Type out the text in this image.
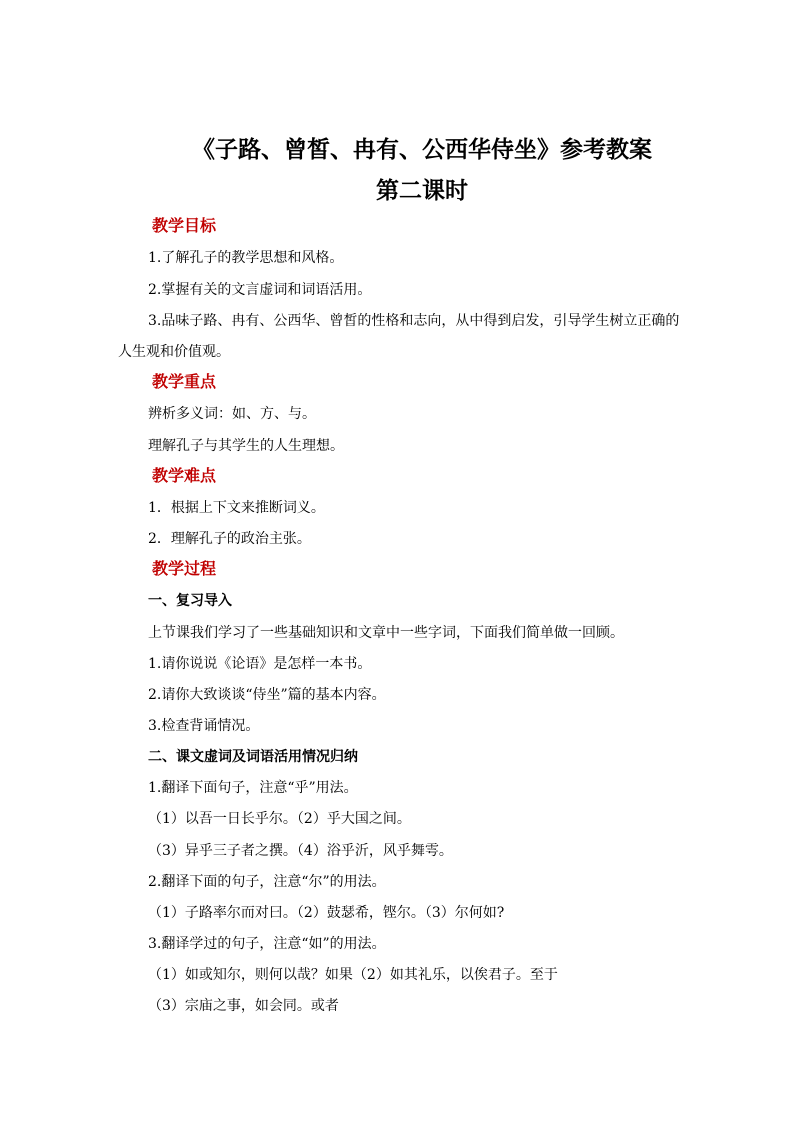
《子路、曾皙、冉有、公西华侍坐》参考教案
第二课时
教学目标
1.了解孔子的教学思想和风格。
2.掌握有关的文言虚词和词语活用。
3.品味子路、冉有、公西华、曾皙的性格和志向，从中得到启发，引导学生树立正确的
人生观和价值观。
教学重点
辨析多义词：如、方、与。
理解孔子与其学生的人生理想。
教学难点
1．根据上下文来推断词义。
2．理解孔子的政治主张。
教学过程
一、复习导入
上节课我们学习了一些基础知识和文章中一些字词，下面我们简单做一回顾。
1.请你说说《论语》是怎样一本书。
2.请你大致谈谈“侍坐”篇的基本内容。
3.检查背诵情况。
二、课文虚词及词语活用情况归纳
1.翻译下面句子，注意“乎”用法。
（1）以吾一日长乎尔。（2）乎大国之间。
（3）异乎三子者之撰。（4）浴乎沂，风乎舞雩。
2.翻译下面的句子，注意“尔”的用法。
（1）子路率尔而对曰。（2）鼓瑟希，铿尔。（3）尔何如?
3.翻译学过的句子，注意“如”的用法。
（1）如或知尔，则何以哉？如果（2）如其礼乐，以俟君子。至于
（3）宗庙之事，如会同。或者
